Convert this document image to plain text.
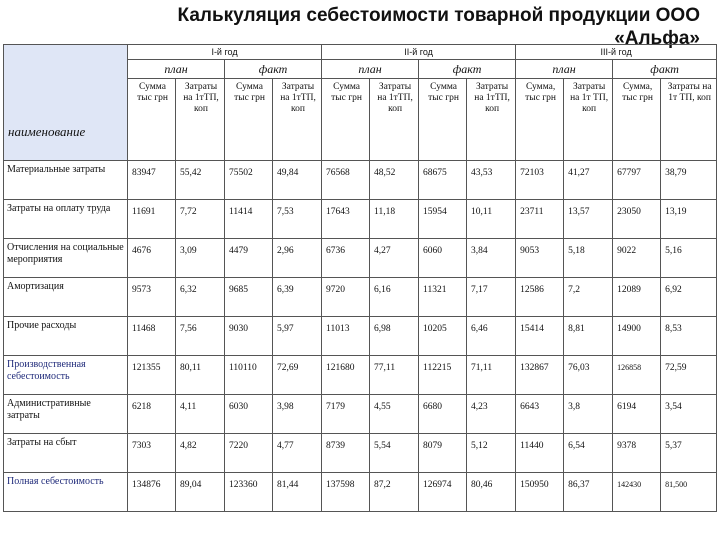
Калькуляция себестоимости товарной продукции ООО «Альфа»
наименование	I-й год				II-й год				III-й год			
	план		факт		план		факт		план		факт	
	Сумма тыс грн	Затраты на 1тТП, коп	Сумма тыс грн	Затраты на 1тТП, коп	Сумма тыс грн	Затраты на 1тТП, коп	Сумма тыс грн	Затраты на 1тТП, коп	Сумма, тыс грн	Затраты на 1т ТП, коп	Сумма, тыс грн	Затраты на 1т ТП, коп
Материальные затраты	83947	55,42	75502	49,84	76568	48,52	68675	43,53	72103	41,27	67797	38,79
Затраты на оплату труда	11691	7,72	11414	7,53	17643	11,18	15954	10,11	23711	13,57	23050	13,19
Отчисления на социальные мероприятия	4676	3,09	4479	2,96	6736	4,27	6060	3,84	9053	5,18	9022	5,16
Амортизация	9573	6,32	9685	6,39	9720	6,16	11321	7,17	12586	7,2	12089	6,92
Прочие расходы	11468	7,56	9030	5,97	11013	6,98	10205	6,46	15414	8,81	14900	8,53
Производственная себестоимость	121355	80,11	110110	72,69	121680	77,11	112215	71,11	132867	76,03	126858	72,59
Административные затраты	6218	4,11	6030	3,98	7179	4,55	6680	4,23	6643	3,8	6194	3,54
Затраты на сбыт	7303	4,82	7220	4,77	8739	5,54	8079	5,12	11440	6,54	9378	5,37
Полная себестоимость	134876	89,04	123360	81,44	137598	87,2	126974	80,46	150950	86,37	142430	81,500
